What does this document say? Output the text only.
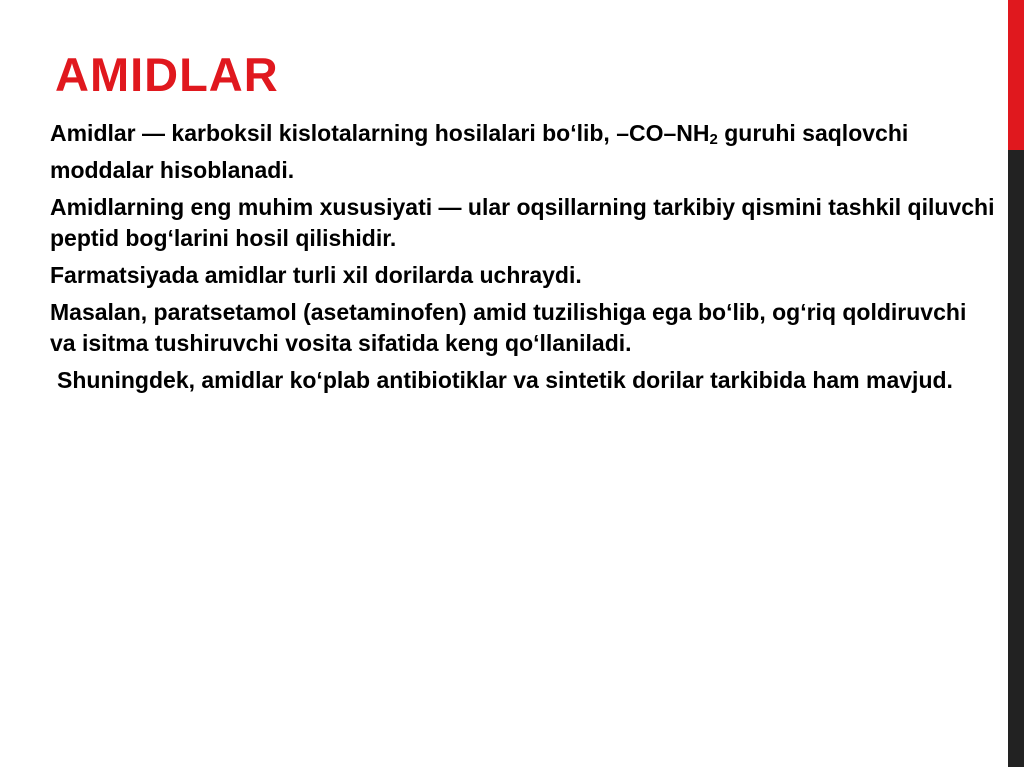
AMIDLAR

Amidlar — karboksil kislotalarning hosilalari bo‘lib, $-CO-NH_2$ guruhi saqlovchi moddalar hisoblanadi.

Amidlarning eng muhim xususiyati — ular oqsillarning tarkibiy qismini tashkil qiluvchi peptid bog‘larini hosil qilishidir.

Farmatsiyada amidlar turli xil dorilarda uchraydi.

Masalan, paratsetamol (asetaminofen) amid tuzilishiga ega bo‘lib, og‘riq qoldiruvchi va isitma tushiruvchi vosita sifatida keng qo‘llaniladi.

Shuningdek, amidlar ko‘plab antibiotiklar va sintetik dorilar tarkibida ham mavjud.
